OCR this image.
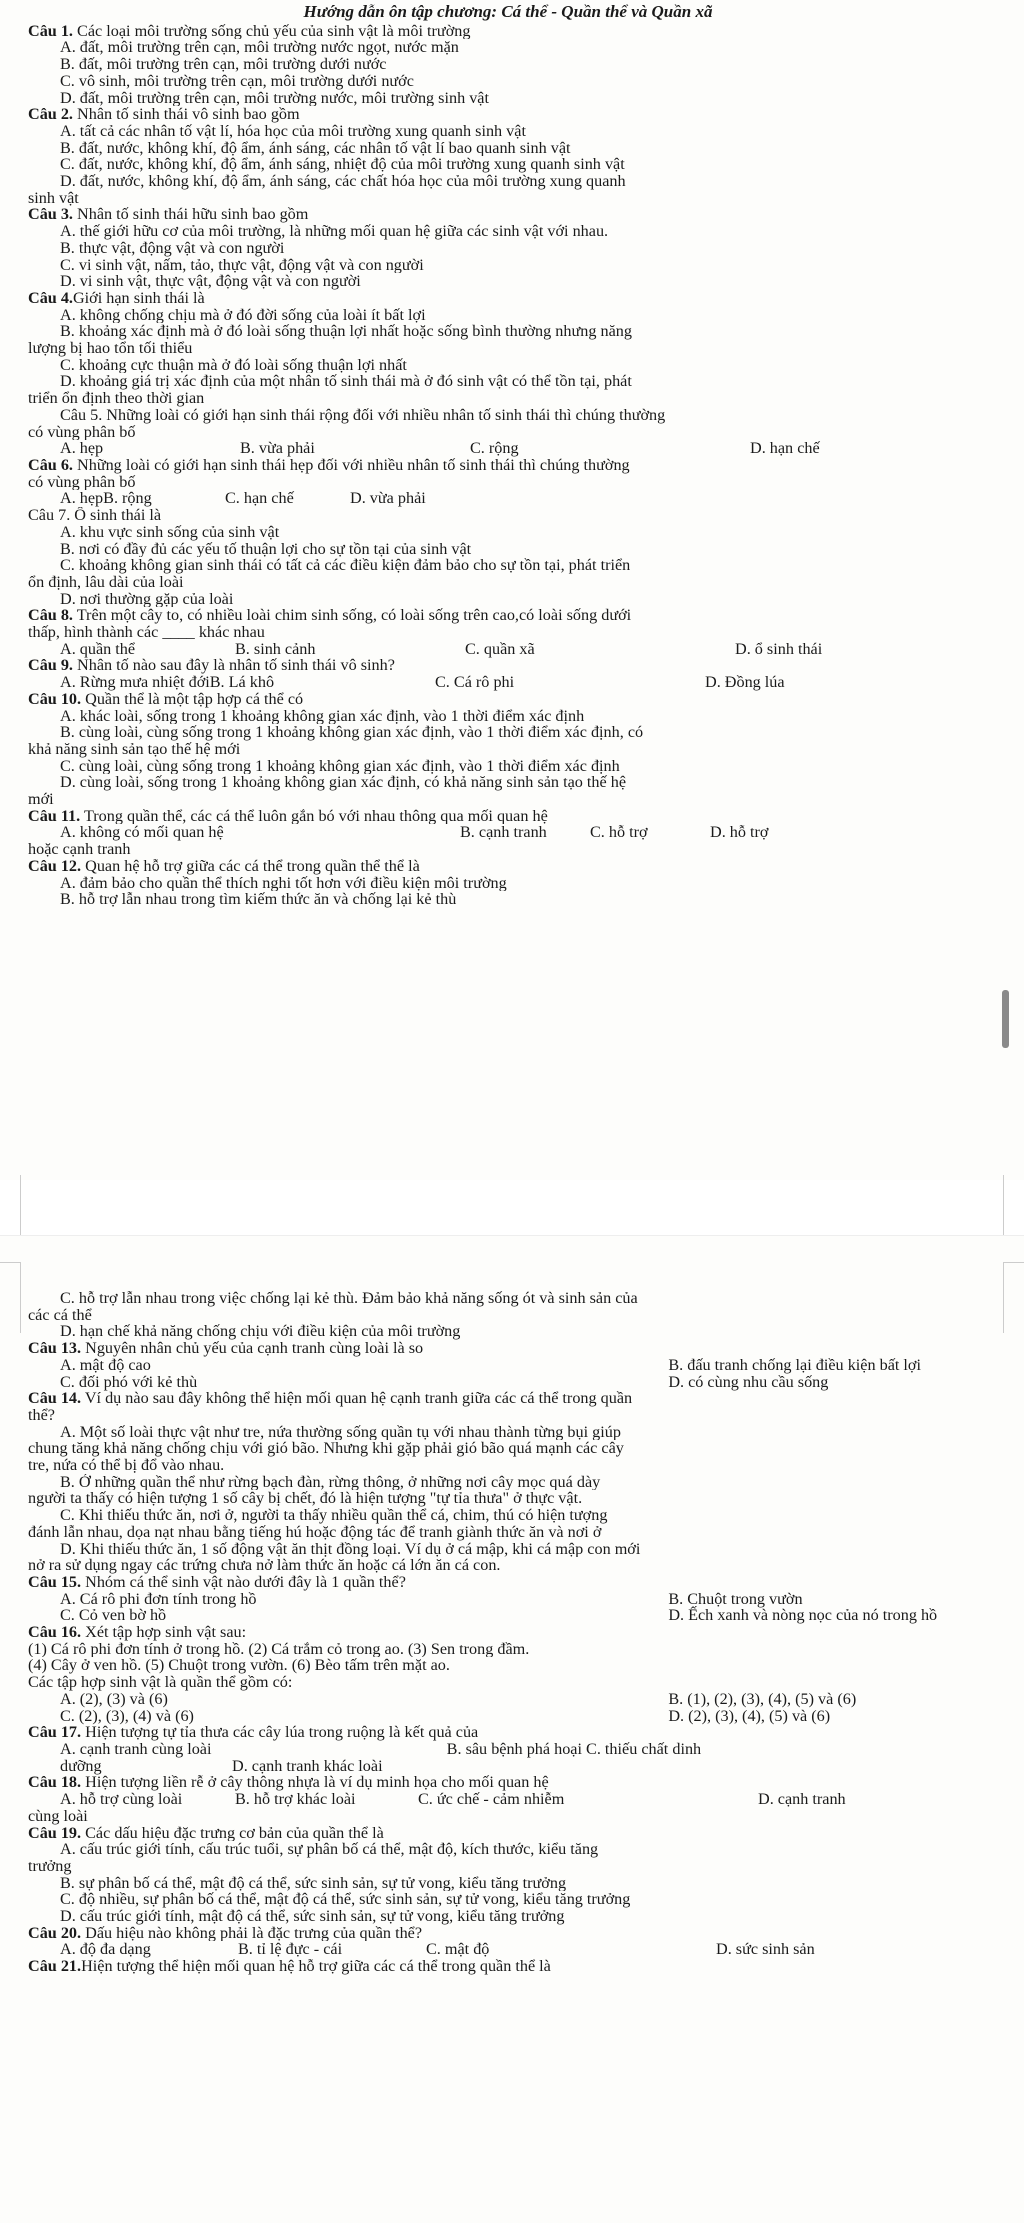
Hướng dẫn ôn tập chương: Cá thể - Quần thể và Quần xã
Câu 1. Các loại môi trường sống chủ yếu của sinh vật là môi trường
A. đất, môi trường trên cạn, môi trường nước ngọt, nước mặn
B. đất, môi trường trên cạn, môi trường dưới nước
C. vô sinh, môi trường trên cạn, môi trường dưới nước
D. đất, môi trường trên cạn, môi trường nước, môi trường sinh vật
Câu 2. Nhân tố sinh thái vô sinh bao gồm
A. tất cả các nhân tố vật lí, hóa học của môi trường xung quanh sinh vật
B. đất, nước, không khí, độ ẩm, ánh sáng, các nhân tố vật lí bao quanh sinh vật
C. đất, nước, không khí, độ ẩm, ánh sáng, nhiệt độ của môi trường xung quanh sinh vật
D. đất, nước, không khí, độ ẩm, ánh sáng, các chất hóa học của môi trường xung quanh
sinh vật
Câu 3. Nhân tố sinh thái hữu sinh bao gồm
A. thế giới hữu cơ của môi trường, là những mối quan hệ giữa các sinh vật với nhau.
B. thực vật, động vật và con người
C. vi sinh vật, nấm, tảo, thực vật, động vật và con người
D. vi sinh vật, thực vật, động vật và con người
Câu 4.Giới hạn sinh thái là
A. không chống chịu mà ở đó đời sống của loài ít bất lợi
B. khoảng xác định mà ở đó loài sống thuận lợi nhất hoặc sống bình thường nhưng năng
lượng bị hao tổn tối thiểu
C. khoảng cực thuận mà ở đó loài sống thuận lợi nhất
D. khoảng giá trị xác định của một nhân tố sinh thái mà ở đó sinh vật có thể tồn tại, phát
triển ổn định theo thời gian
Câu 5. Những loài có giới hạn sinh thái rộng đối với nhiều nhân tố sinh thái thì chúng thường
có vùng phân bố
A. hẹp	B. vừa phải	C. rộng	D. hạn chế
Câu 6. Những loài có giới hạn sinh thái hẹp đối với nhiều nhân tố sinh thái thì chúng thường
có vùng phân bố
A. hẹpB. rộng	C. hạn chế	D. vừa phải
Câu 7. Ổ sinh thái là
A. khu vực sinh sống của sinh vật
B. nơi có đầy đủ các yếu tố thuận lợi cho sự tồn tại của sinh vật
C. khoảng không gian sinh thái có tất cả các điều kiện đảm bảo cho sự tồn tại, phát triển
ổn định, lâu dài của loài
D. nơi thường gặp của loài
Câu 8. Trên một cây to, có nhiều loài chim sinh sống, có loài sống trên cao,có loài sống dưới
thấp, hình thành các ____ khác nhau
A. quần thể	B. sinh cảnh	C. quần xã	D. ổ sinh thái
Câu 9. Nhân tố nào sau đây là nhân tố sinh thái vô sinh?
A. Rừng mưa nhiệt đớiB. Lá khô	C. Cá rô phi	D. Đồng lúa
Câu 10. Quần thể là một tập hợp cá thể có
A. khác loài, sống trong 1 khoảng không gian xác định, vào 1 thời điểm xác định
B. cùng loài, cùng sống trong 1 khoảng không gian xác định, vào 1 thời điểm xác định, có
khả năng sinh sản tạo thế hệ mới
C. cùng loài, cùng sống trong 1 khoảng không gian xác định, vào 1 thời điểm xác định
D. cùng loài, sống trong 1 khoảng không gian xác định, có khả năng sinh sản tạo thế hệ
mới
Câu 11. Trong quần thể, các cá thể luôn gắn bó với nhau thông qua mối quan hệ
A. không có mối quan hệ	B. cạnh tranh	C. hỗ trợ	D. hỗ trợ
hoặc cạnh tranh
Câu 12. Quan hệ hỗ trợ giữa các cá thể trong quần thể thể là
A. đảm bảo cho quần thể thích nghi tốt hơn với điều kiện môi trường
B. hỗ trợ lẫn nhau trong tìm kiếm thức ăn và chống lại kẻ thù
C. hỗ trợ lẫn nhau trong việc chống lại kẻ thù. Đảm bảo khả năng sống ót và sinh sản của
các cá thể
D. hạn chế khả năng chống chịu với điều kiện của môi trường
Câu 13. Nguyên nhân chủ yếu của cạnh tranh cùng loài là so
A. mật độ cao	B. đấu tranh chống lại điều kiện bất lợi
C. đối phó với kẻ thù	D. có cùng nhu cầu sống
Câu 14. Ví dụ nào sau đây không thể hiện mối quan hệ cạnh tranh giữa các cá thể trong quần
thể?
A. Một số loài thực vật như tre, nứa thường sống quần tụ với nhau thành từng bụi giúp
chung tăng khả năng chống chịu với gió bão. Nhưng khi gặp phải gió bão quá mạnh các cây
tre, nứa có thể bị đổ vào nhau.
B. Ở những quần thể như rừng bạch đàn, rừng thông, ở những nơi cây mọc quá dày
người ta thấy có hiện tượng 1 số cây bị chết, đó là hiện tượng "tự tỉa thưa" ở thực vật.
C. Khi thiếu thức ăn, nơi ở, người ta thấy nhiều quần thể cá, chim, thú có hiện tượng
đánh lẫn nhau, dọa nạt nhau bằng tiếng hú hoặc động tác để tranh giành thức ăn và nơi ở
D. Khi thiếu thức ăn, 1 số động vật ăn thịt đồng loại. Ví dụ ở cá mập, khi cá mập con mới
nở ra sử dụng ngay các trứng chưa nở làm thức ăn hoặc cá lớn ăn cá con.
Câu 15. Nhóm cá thể sinh vật nào dưới đây là 1 quần thể?
A. Cá rô phi đơn tính trong hồ	B. Chuột trong vườn
C. Cỏ ven bờ hồ	D. Ếch xanh và nòng nọc của nó trong hồ
Câu 16. Xét tập hợp sinh vật sau:
(1) Cá rô phi đơn tính ở trong hồ. (2) Cá trắm cỏ trong ao. (3) Sen trong đầm.
(4) Cây ở ven hồ. (5) Chuột trong vườn. (6) Bèo tấm trên mặt ao.
Các tập hợp sinh vật là quần thể gồm có:
A. (2), (3) và (6)	B. (1), (2), (3), (4), (5) và (6)
C. (2), (3), (4) và (6)	D. (2), (3), (4), (5) và (6)
Câu 17. Hiện tượng tự tỉa thưa các cây lúa trong ruộng là kết quả của
A. cạnh tranh cùng loài	B. sâu bệnh phá hoại C. thiếu chất dinh
dưỡng	D. cạnh tranh khác loài
Câu 18. Hiện tượng liền rễ ở cây thông nhựa là ví dụ minh họa cho mối quan hệ
A. hỗ trợ cùng loài	B. hỗ trợ khác loài	C. ức chế - cảm nhiễm	D. cạnh tranh
cùng loài
Câu 19. Các dấu hiệu đặc trưng cơ bản của quần thể là
A. cấu trúc giới tính, cấu trúc tuổi, sự phân bố cá thể, mật độ, kích thước, kiểu tăng
trưởng
B. sự phân bố cá thể, mật độ cá thể, sức sinh sản, sự tử vong, kiểu tăng trưởng
C. độ nhiều, sự phân bố cá thể, mật độ cá thể, sức sinh sản, sự tử vong, kiểu tăng trưởng
D. cấu trúc giới tính, mật độ cá thể, sức sinh sản, sự tử vong, kiểu tăng trưởng
Câu 20. Dấu hiệu nào không phải là đặc trưng của quần thể?
A. độ đa dạng	B. tỉ lệ đực - cái	C. mật độ	D. sức sinh sản
Câu 21.Hiện tượng thể hiện mối quan hệ hỗ trợ giữa các cá thể trong quần thể là
